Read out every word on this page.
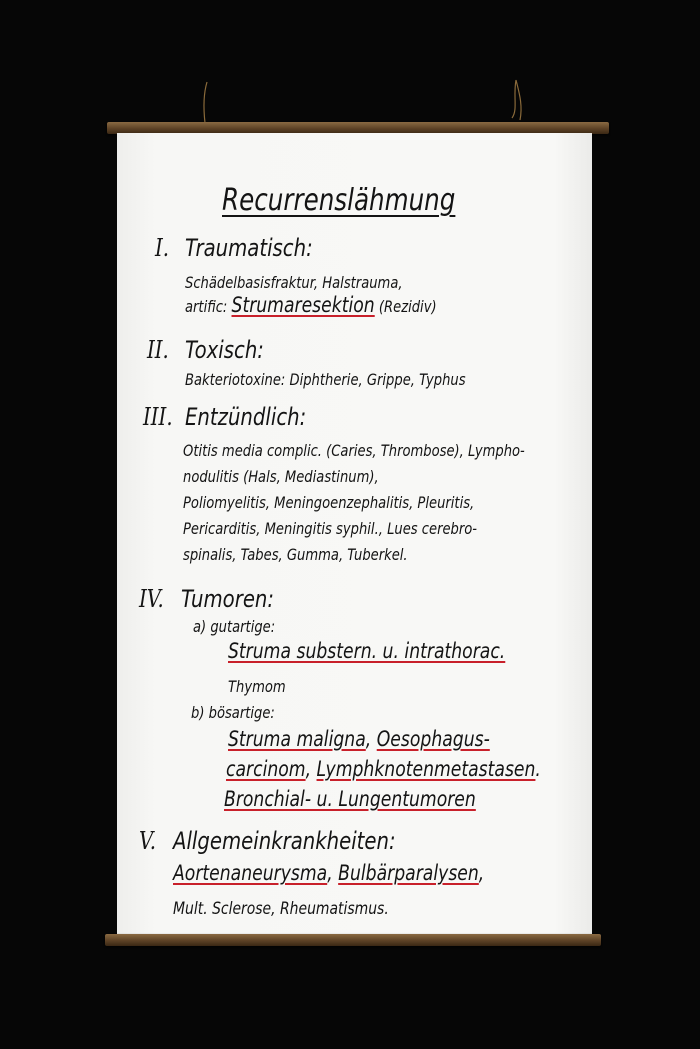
Recurrenslähmung
I. Traumatisch:
Schädelbasisfraktur, Halstrauma,
artific: Strumaresektion (Rezidiv)
II. Toxisch:
Bakteriotoxine: Diphtherie, Grippe, Typhus
III. Entzündlich:
Otitis media complic. (Caries, Thrombose), Lympho-
nodulitis (Hals, Mediastinum),
Poliomyelitis, Meningoenzephalitis, Pleuritis,
Pericarditis, Meningitis syphil., Lues cerebro-
spinalis, Tabes, Gumma, Tuberkel.
IV. Tumoren:
a) gutartige:
Struma substern. u. intrathorac.
Thymom
b) bösartige:
Struma maligna, Oesophagus-
carcinom, Lymphknotenmetastasen.
Bronchial- u. Lungentumoren
V. Allgemeinkrankheiten:
Aortenaneurysma, Bulbärparalysen,
Mult. Sclerose, Rheumatismus.
